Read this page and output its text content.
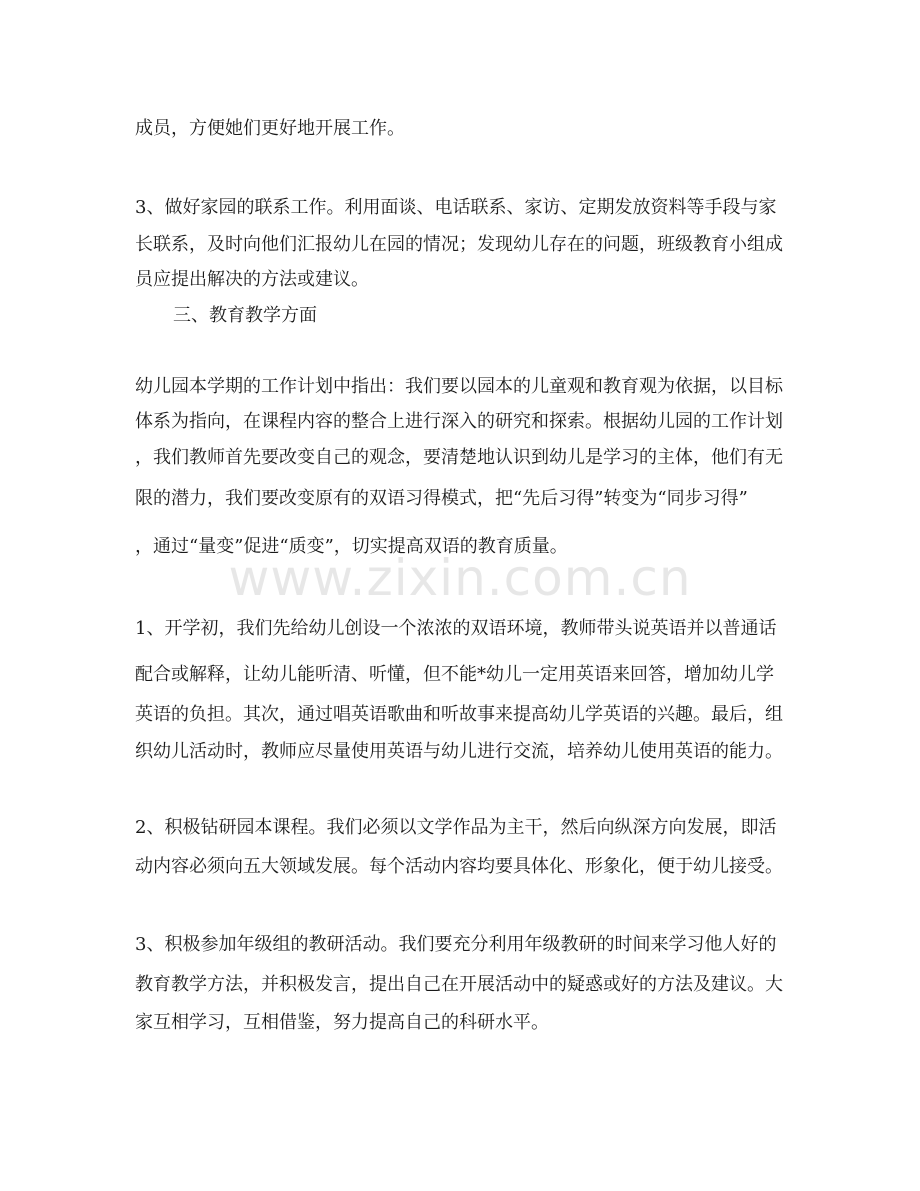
成员，方便她们更好地开展工作。
3、做好家园的联系工作。利用面谈、电话联系、家访、定期发放资料等手段与家
长联系，及时向他们汇报幼儿在园的情况；发现幼儿存在的问题，班级教育小组成
员应提出解决的方法或建议。
三、教育教学方面
幼儿园本学期的工作计划中指出：我们要以园本的儿童观和教育观为依据，以目标
体系为指向，在课程内容的整合上进行深入的研究和探索。根据幼儿园的工作计划
，我们教师首先要改变自己的观念，要清楚地认识到幼儿是学习的主体，他们有无
限的潜力，我们要改变原有的双语习得模式，把“先后习得”转变为“同步习得”
，通过“量变”促进“质变”，切实提高双语的教育质量。
www.zixin.com.cn
1、开学初，我们先给幼儿创设一个浓浓的双语环境，教师带头说英语并以普通话
配合或解释，让幼儿能听清、听懂，但不能*幼儿一定用英语来回答，增加幼儿学
英语的负担。其次，通过唱英语歌曲和听故事来提高幼儿学英语的兴趣。最后，组
织幼儿活动时，教师应尽量使用英语与幼儿进行交流，培养幼儿使用英语的能力。
2、积极钻研园本课程。我们必须以文学作品为主干，然后向纵深方向发展，即活
动内容必须向五大领域发展。每个活动内容均要具体化、形象化，便于幼儿接受。
3、积极参加年级组的教研活动。我们要充分利用年级教研的时间来学习他人好的
教育教学方法，并积极发言，提出自己在开展活动中的疑惑或好的方法及建议。大
家互相学习，互相借鉴，努力提高自己的科研水平。
